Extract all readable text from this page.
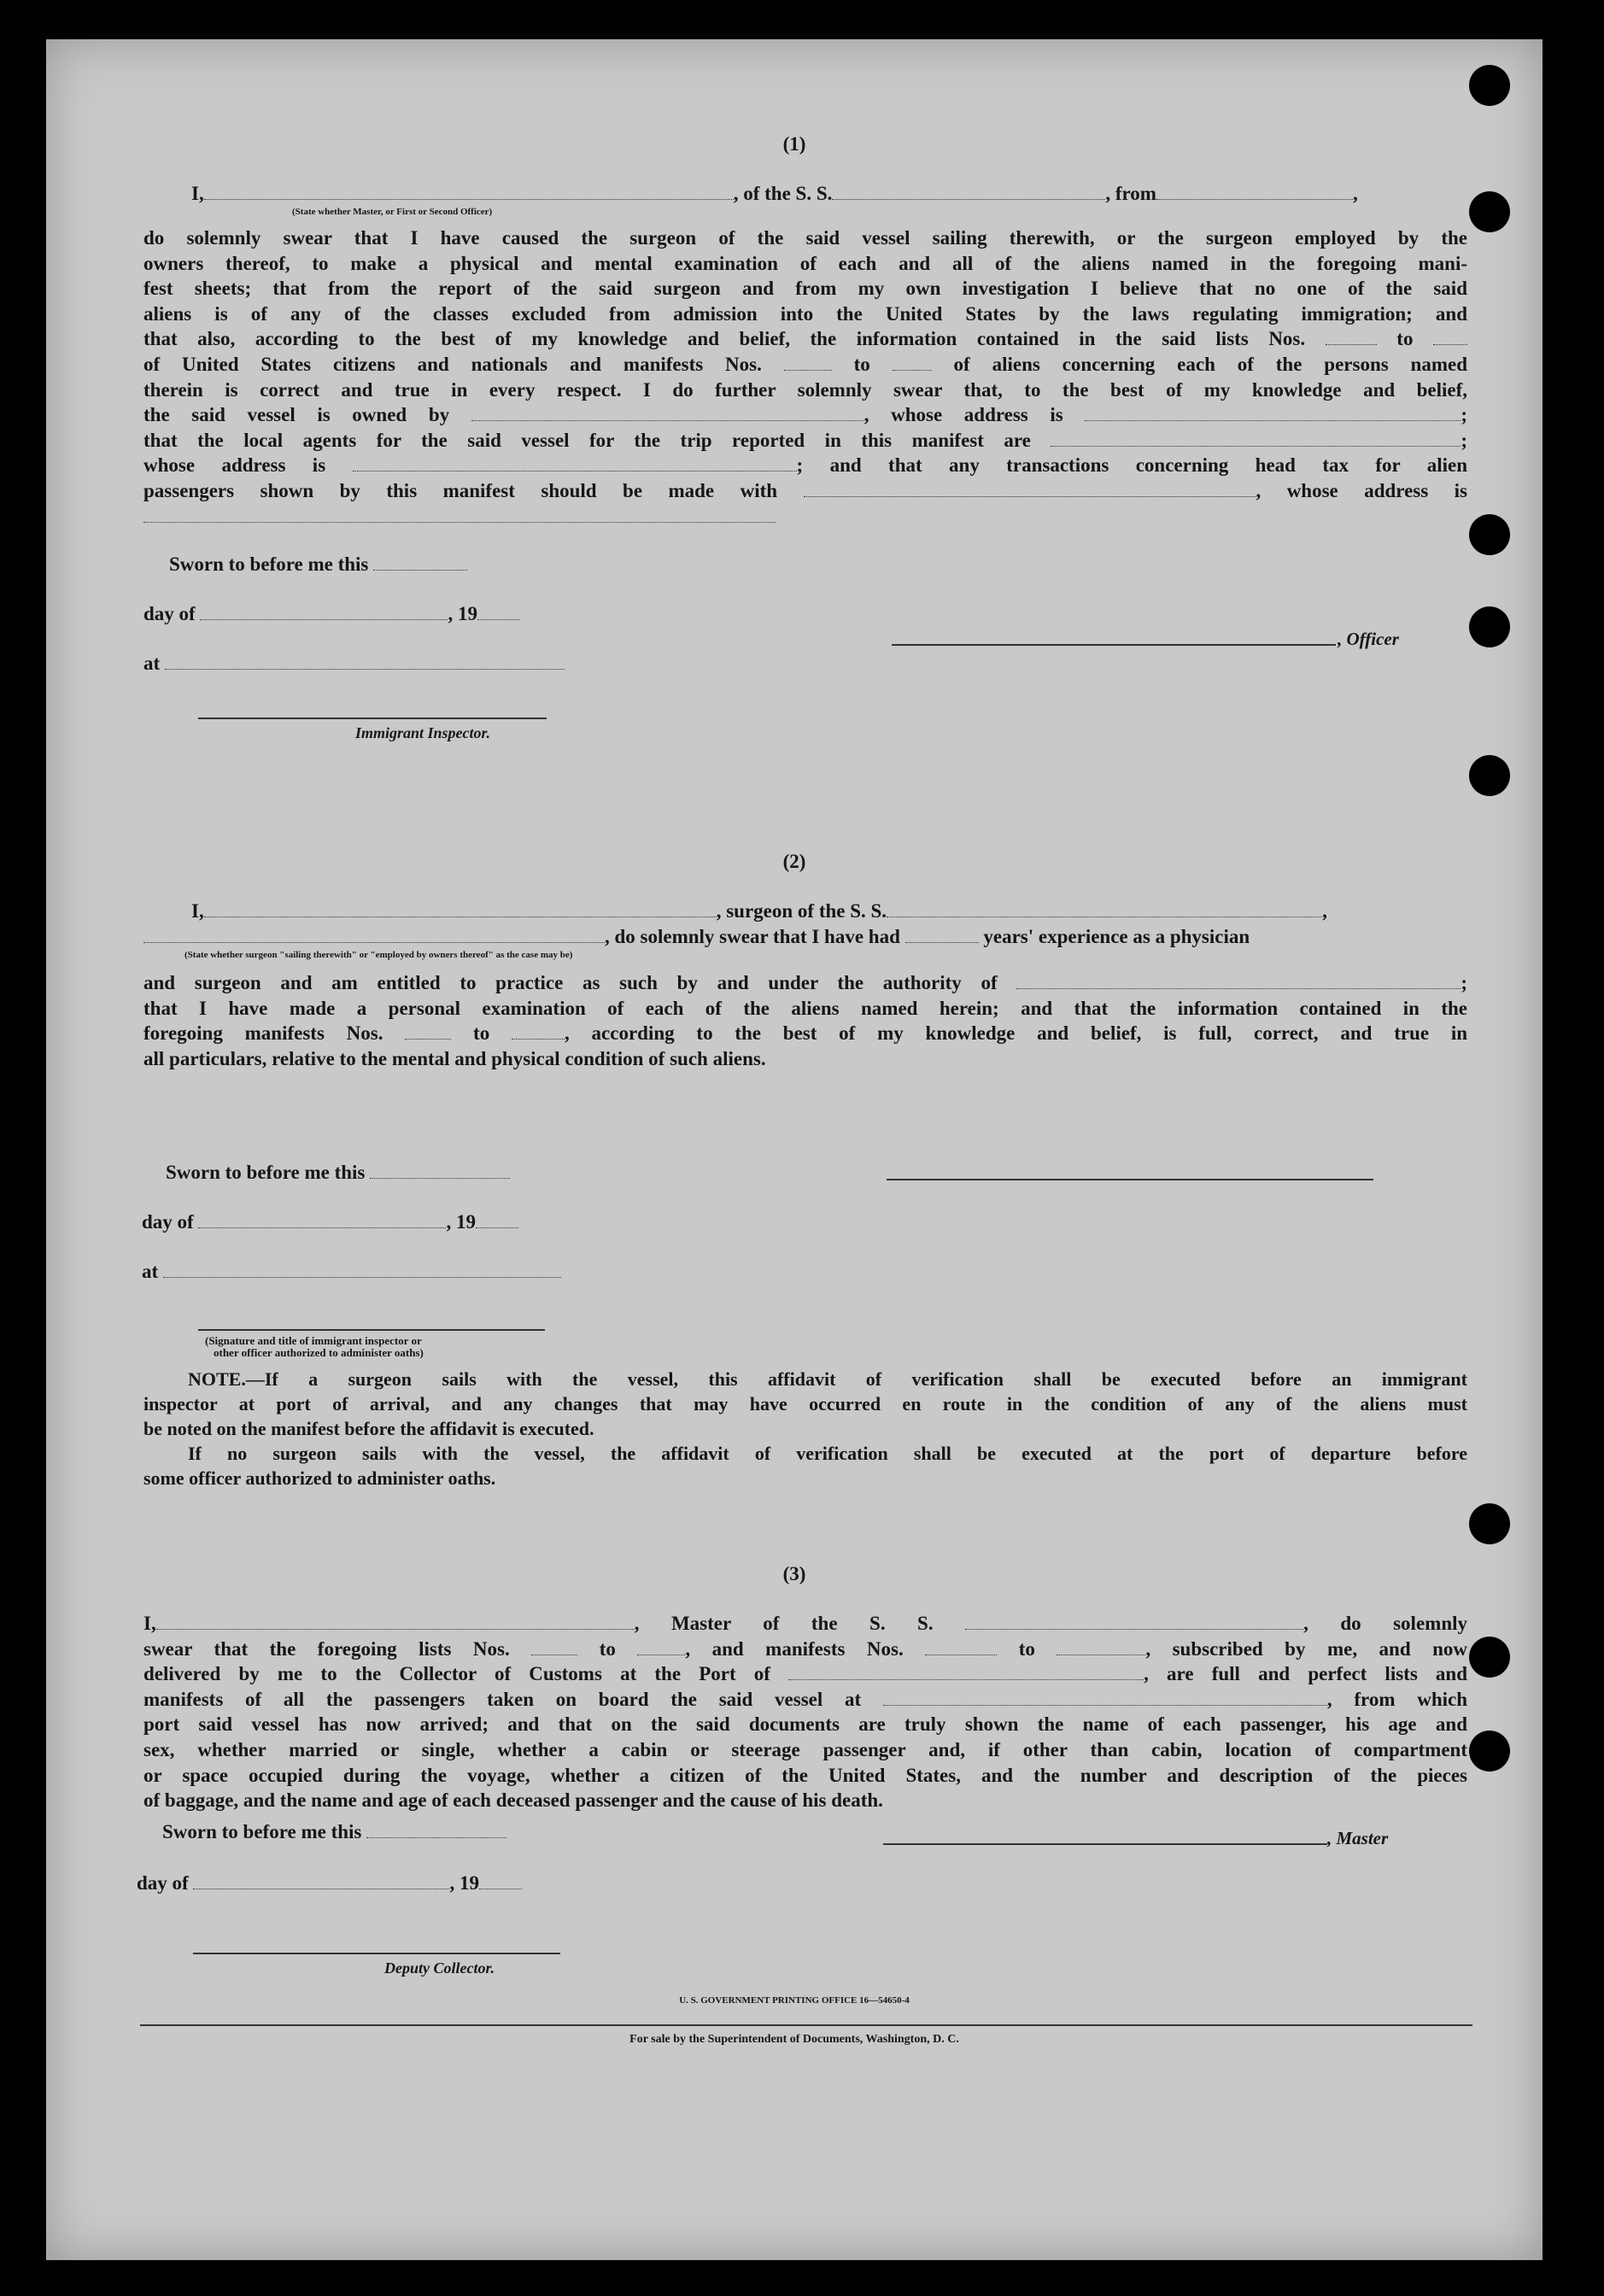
(1)
I,	, of the S. S.	, from	,
(State whether Master, or First or Second Officer)
do solemnly swear that I have caused the surgeon of the said vessel sailing therewith, or the surgeon employed by the
owners thereof, to make a physical and mental examination of each and all of the aliens named in the foregoing mani-
fest sheets; that from the report of the said surgeon and from my own investigation I believe that no one of the said
aliens is of any of the classes excluded from admission into the United States by the laws regulating immigration; and
that also, according to the best of my knowledge and belief, the information contained in the said lists Nos.	to
of United States citizens and nationals and manifests Nos.	to	of aliens concerning each of the persons named
therein is correct and true in every respect. I do further solemnly swear that, to the best of my knowledge and belief,
the said vessel is owned by	, whose address is	;
that the local agents for the said vessel for the trip reported in this manifest are	;
whose address is	; and that any transactions concerning head tax for alien
passengers shown by this manifest should be made with	, whose address is
Sworn to before me this
day of	, 19
at
, Officer
Immigrant Inspector.
(2)
I,	, surgeon of the S. S.	,
, do solemnly swear that I have had	years' experience as a physician
(State whether surgeon "sailing therewith" or "employed by owners thereof" as the case may be)
and surgeon and am entitled to practice as such by and under the authority of	;
that I have made a personal examination of each of the aliens named herein; and that the information contained in the
foregoing manifests Nos.	to	, according to the best of my knowledge and belief, is full, correct, and true in
all particulars, relative to the mental and physical condition of such aliens.
Sworn to before me this
day of	, 19
at
(Signature and title of immigrant inspector or
other officer authorized to administer oaths)
NOTE.—If a surgeon sails with the vessel, this affidavit of verification shall be executed before an immigrant
inspector at port of arrival, and any changes that may have occurred en route in the condition of any of the aliens must
be noted on the manifest before the affidavit is executed.
If no surgeon sails with the vessel, the affidavit of verification shall be executed at the port of departure before
some officer authorized to administer oaths.
(3)
I,	, Master of the S. S.	, do solemnly
swear that the foregoing lists Nos.	to	, and manifests Nos.	to	, subscribed by me, and now
delivered by me to the Collector of Customs at the Port of	, are full and perfect lists and
manifests of all the passengers taken on board the said vessel at	, from which
port said vessel has now arrived; and that on the said documents are truly shown the name of each passenger, his age and
sex, whether married or single, whether a cabin or steerage passenger and, if other than cabin, location of compartment
or space occupied during the voyage, whether a citizen of the United States, and the number and description of the pieces
of baggage, and the name and age of each deceased passenger and the cause of his death.
Sworn to before me this	, Master
day of	, 19
Deputy Collector.
U. S. GOVERNMENT PRINTING OFFICE 16—54650-4
For sale by the Superintendent of Documents, Washington, D. C.
